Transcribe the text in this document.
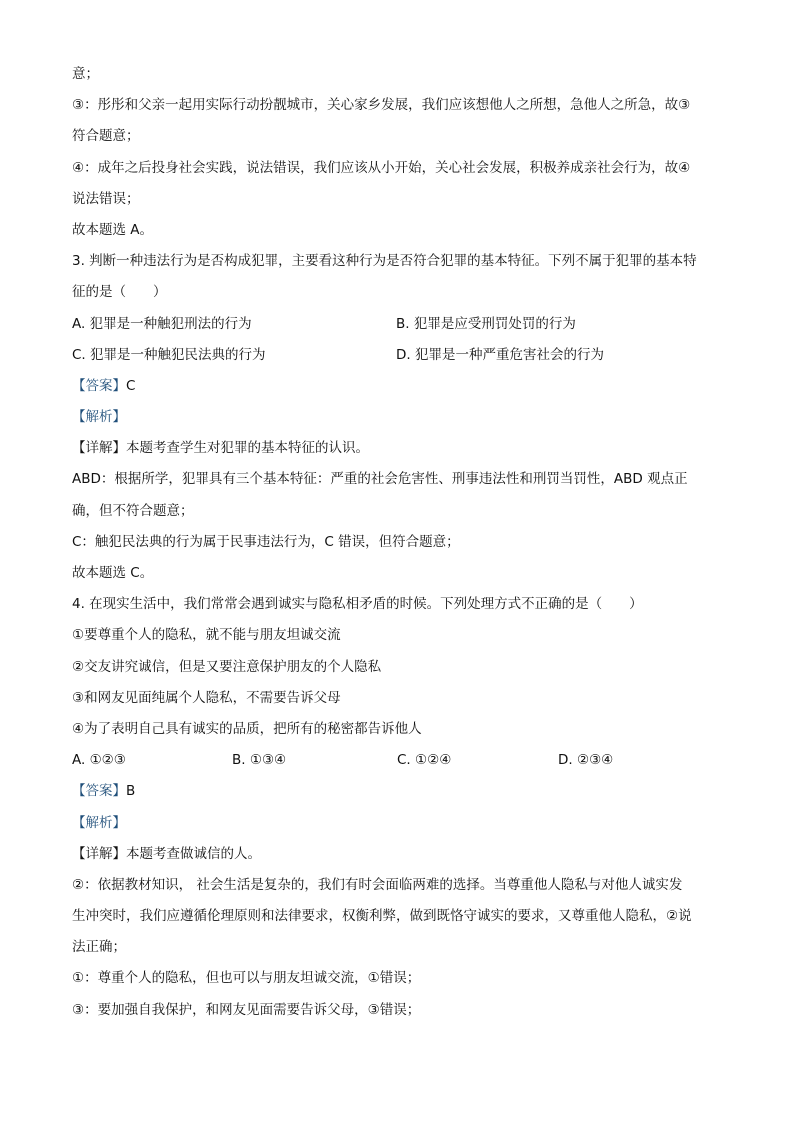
意；
③：彤彤和父亲一起用实际行动扮靓城市，关心家乡发展，我们应该想他人之所想，急他人之所急，故③
符合题意；
④：成年之后投身社会实践，说法错误，我们应该从小开始，关心社会发展，积极养成亲社会行为，故④
说法错误；
故本题选 A。
3. 判断一种违法行为是否构成犯罪，主要看这种行为是否符合犯罪的基本特征。下列不属于犯罪的基本特
征的是（　　）
A. 犯罪是一种触犯刑法的行为	B. 犯罪是应受刑罚处罚的行为
C. 犯罪是一种触犯民法典的行为	D. 犯罪是一种严重危害社会的行为
【答案】C
【解析】
【详解】本题考查学生对犯罪的基本特征的认识。
ABD：根据所学，犯罪具有三个基本特征：严重的社会危害性、刑事违法性和刑罚当罚性，ABD 观点正
确，但不符合题意；
C：触犯民法典的行为属于民事违法行为，C 错误，但符合题意；
故本题选 C。
4. 在现实生活中，我们常常会遇到诚实与隐私相矛盾的时候。下列处理方式不正确的是（　　）
①要尊重个人的隐私，就不能与朋友坦诚交流
②交友讲究诚信，但是又要注意保护朋友的个人隐私
③和网友见面纯属个人隐私，不需要告诉父母
④为了表明自己具有诚实的品质，把所有的秘密都告诉他人
A. ①②③	B. ①③④	C. ①②④	D. ②③④
【答案】B
【解析】
【详解】本题考查做诚信的人。
②：依据教材知识， 社会生活是复杂的，我们有时会面临两难的选择。当尊重他人隐私与对他人诚实发
生冲突时，我们应遵循伦理原则和法律要求，权衡利弊，做到既恪守诚实的要求，又尊重他人隐私，②说
法正确；
①：尊重个人的隐私，但也可以与朋友坦诚交流，①错误；
③：要加强自我保护，和网友见面需要告诉父母，③错误；
